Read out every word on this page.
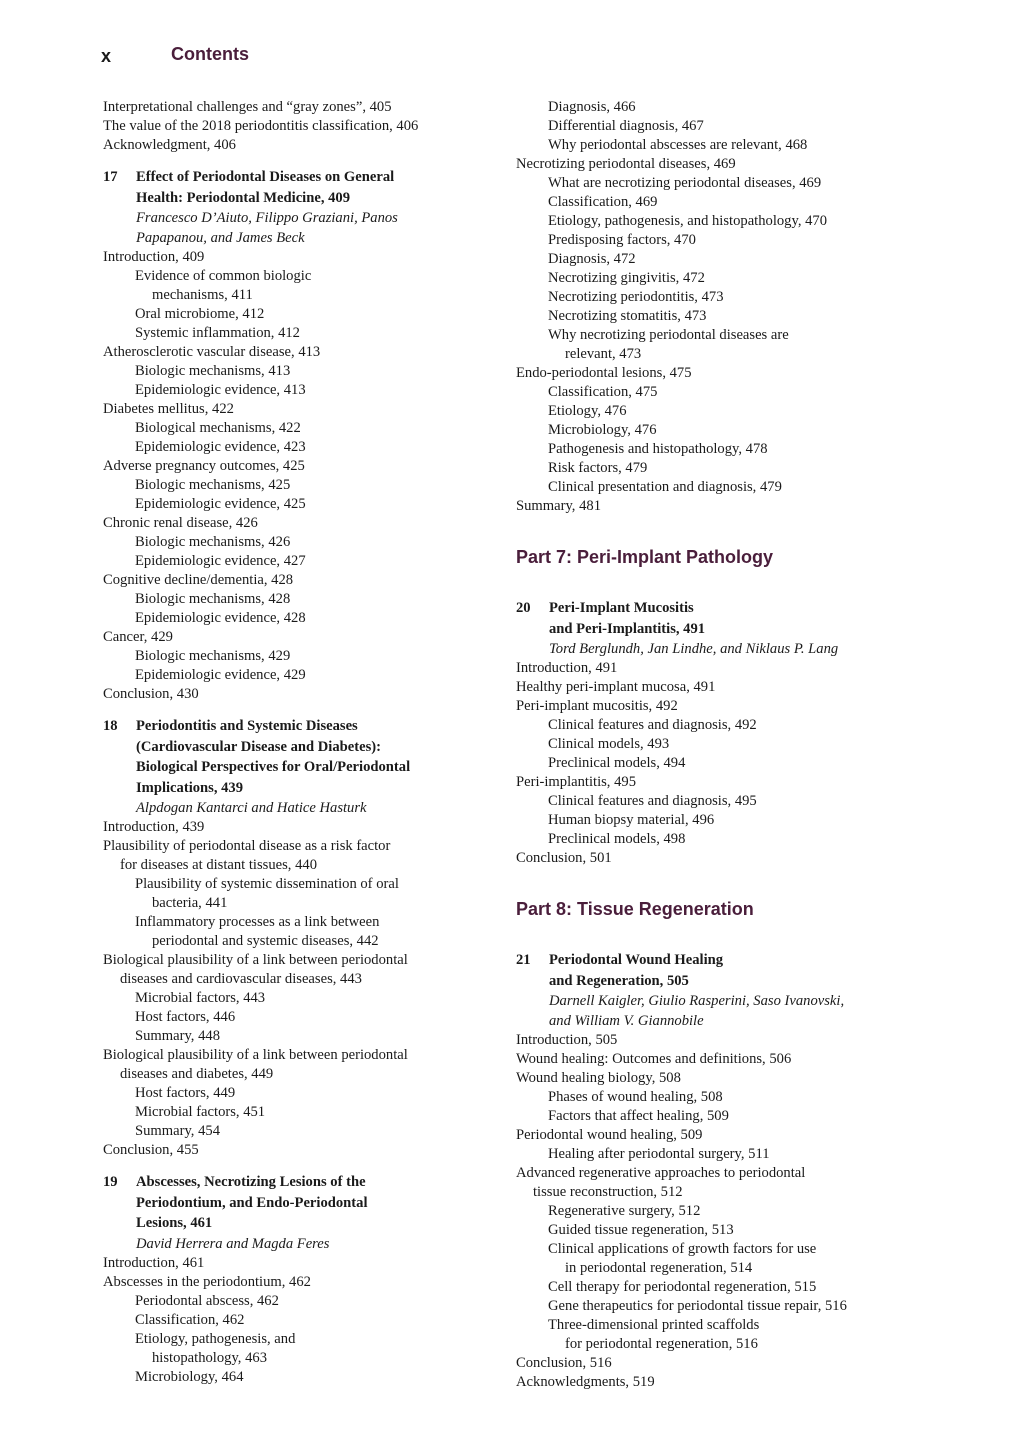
x	Contents
Interpretational challenges and “gray zones”, 405
The value of the 2018 periodontitis classification, 406
Acknowledgment, 406
17 Effect of Periodontal Diseases on General
Health: Periodontal Medicine, 409
Francesco D’Aiuto, Filippo Graziani, Panos
Papapanou, and James Beck
Introduction, 409
Evidence of common biologic
mechanisms, 411
Oral microbiome, 412
Systemic inflammation, 412
Atherosclerotic vascular disease, 413
Biologic mechanisms, 413
Epidemiologic evidence, 413
Diabetes mellitus, 422
Biological mechanisms, 422
Epidemiologic evidence, 423
Adverse pregnancy outcomes, 425
Biologic mechanisms, 425
Epidemiologic evidence, 425
Chronic renal disease, 426
Biologic mechanisms, 426
Epidemiologic evidence, 427
Cognitive decline/dementia, 428
Biologic mechanisms, 428
Epidemiologic evidence, 428
Cancer, 429
Biologic mechanisms, 429
Epidemiologic evidence, 429
Conclusion, 430
18 Periodontitis and Systemic Diseases
(Cardiovascular Disease and Diabetes):
Biological Perspectives for Oral/Periodontal
Implications, 439
Alpdogan Kantarci and Hatice Hasturk
Introduction, 439
Plausibility of periodontal disease as a risk factor
for diseases at distant tissues, 440
Plausibility of systemic dissemination of oral
bacteria, 441
Inflammatory processes as a link between
periodontal and systemic diseases, 442
Biological plausibility of a link between periodontal
diseases and cardiovascular diseases, 443
Microbial factors, 443
Host factors, 446
Summary, 448
Biological plausibility of a link between periodontal
diseases and diabetes, 449
Host factors, 449
Microbial factors, 451
Summary, 454
Conclusion, 455
19 Abscesses, Necrotizing Lesions of the
Periodontium, and Endo-Periodontal
Lesions, 461
David Herrera and Magda Feres
Introduction, 461
Abscesses in the periodontium, 462
Periodontal abscess, 462
Classification, 462
Etiology, pathogenesis, and
histopathology, 463
Microbiology, 464
Diagnosis, 466
Differential diagnosis, 467
Why periodontal abscesses are relevant, 468
Necrotizing periodontal diseases, 469
What are necrotizing periodontal diseases, 469
Classification, 469
Etiology, pathogenesis, and histopathology, 470
Predisposing factors, 470
Diagnosis, 472
Necrotizing gingivitis, 472
Necrotizing periodontitis, 473
Necrotizing stomatitis, 473
Why necrotizing periodontal diseases are
relevant, 473
Endo-periodontal lesions, 475
Classification, 475
Etiology, 476
Microbiology, 476
Pathogenesis and histopathology, 478
Risk factors, 479
Clinical presentation and diagnosis, 479
Summary, 481
Part 7: Peri-Implant Pathology
20 Peri-Implant Mucositis
and Peri-Implantitis, 491
Tord Berglundh, Jan Lindhe, and Niklaus P. Lang
Introduction, 491
Healthy peri-implant mucosa, 491
Peri-implant mucositis, 492
Clinical features and diagnosis, 492
Clinical models, 493
Preclinical models, 494
Peri-implantitis, 495
Clinical features and diagnosis, 495
Human biopsy material, 496
Preclinical models, 498
Conclusion, 501
Part 8: Tissue Regeneration
21 Periodontal Wound Healing
and Regeneration, 505
Darnell Kaigler, Giulio Rasperini, Saso Ivanovski,
and William V. Giannobile
Introduction, 505
Wound healing: Outcomes and definitions, 506
Wound healing biology, 508
Phases of wound healing, 508
Factors that affect healing, 509
Periodontal wound healing, 509
Healing after periodontal surgery, 511
Advanced regenerative approaches to periodontal
tissue reconstruction, 512
Regenerative surgery, 512
Guided tissue regeneration, 513
Clinical applications of growth factors for use
in periodontal regeneration, 514
Cell therapy for periodontal regeneration, 515
Gene therapeutics for periodontal tissue repair, 516
Three-dimensional printed scaffolds
for periodontal regeneration, 516
Conclusion, 516
Acknowledgments, 519
